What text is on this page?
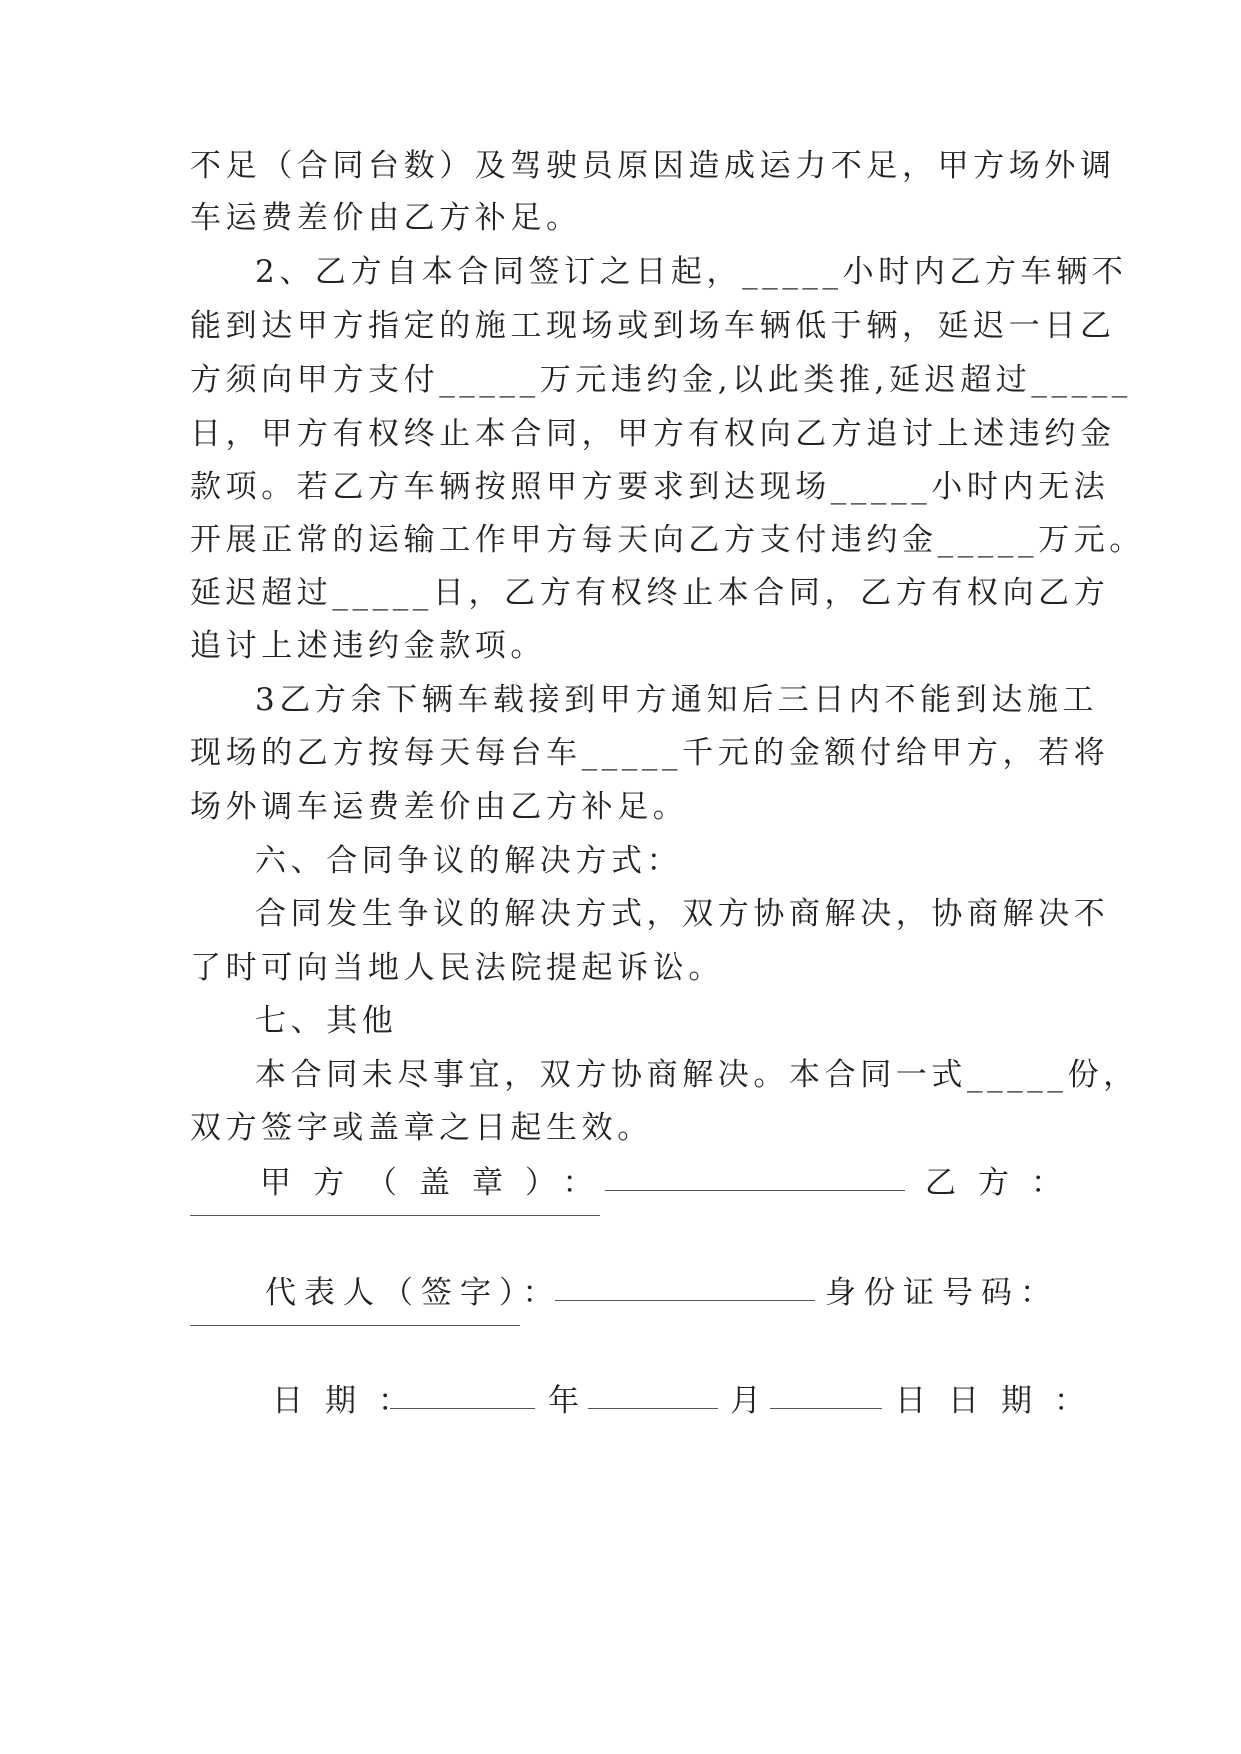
不足（合同台数）及驾驶员原因造成运力不足，甲方场外调
车运费差价由乙方补足。
2、乙方自本合同签订之日起，_____小时内乙方车辆不
能到达甲方指定的施工现场或到场车辆低于辆，延迟一日乙
方须向甲方支付_____万元违约金,以此类推,延迟超过_____
日，甲方有权终止本合同，甲方有权向乙方追讨上述违约金
款项。若乙方车辆按照甲方要求到达现场_____小时内无法
开展正常的运输工作甲方每天向乙方支付违约金_____万元。
延迟超过_____日，乙方有权终止本合同，乙方有权向乙方
追讨上述违约金款项。
3乙方余下辆车载接到甲方通知后三日内不能到达施工
现场的乙方按每天每台车_____千元的金额付给甲方，若将
场外调车运费差价由乙方补足。
六、合同争议的解决方式：
合同发生争议的解决方式，双方协商解决，协商解决不
了时可向当地人民法院提起诉讼。
七、其他
本合同未尽事宜，双方协商解决。本合同一式_____份，
双方签字或盖章之日起生效。
甲方（盖章）：	乙方：
代表人（签字）：	身份证号码：
日期：	年	月	日日期：
